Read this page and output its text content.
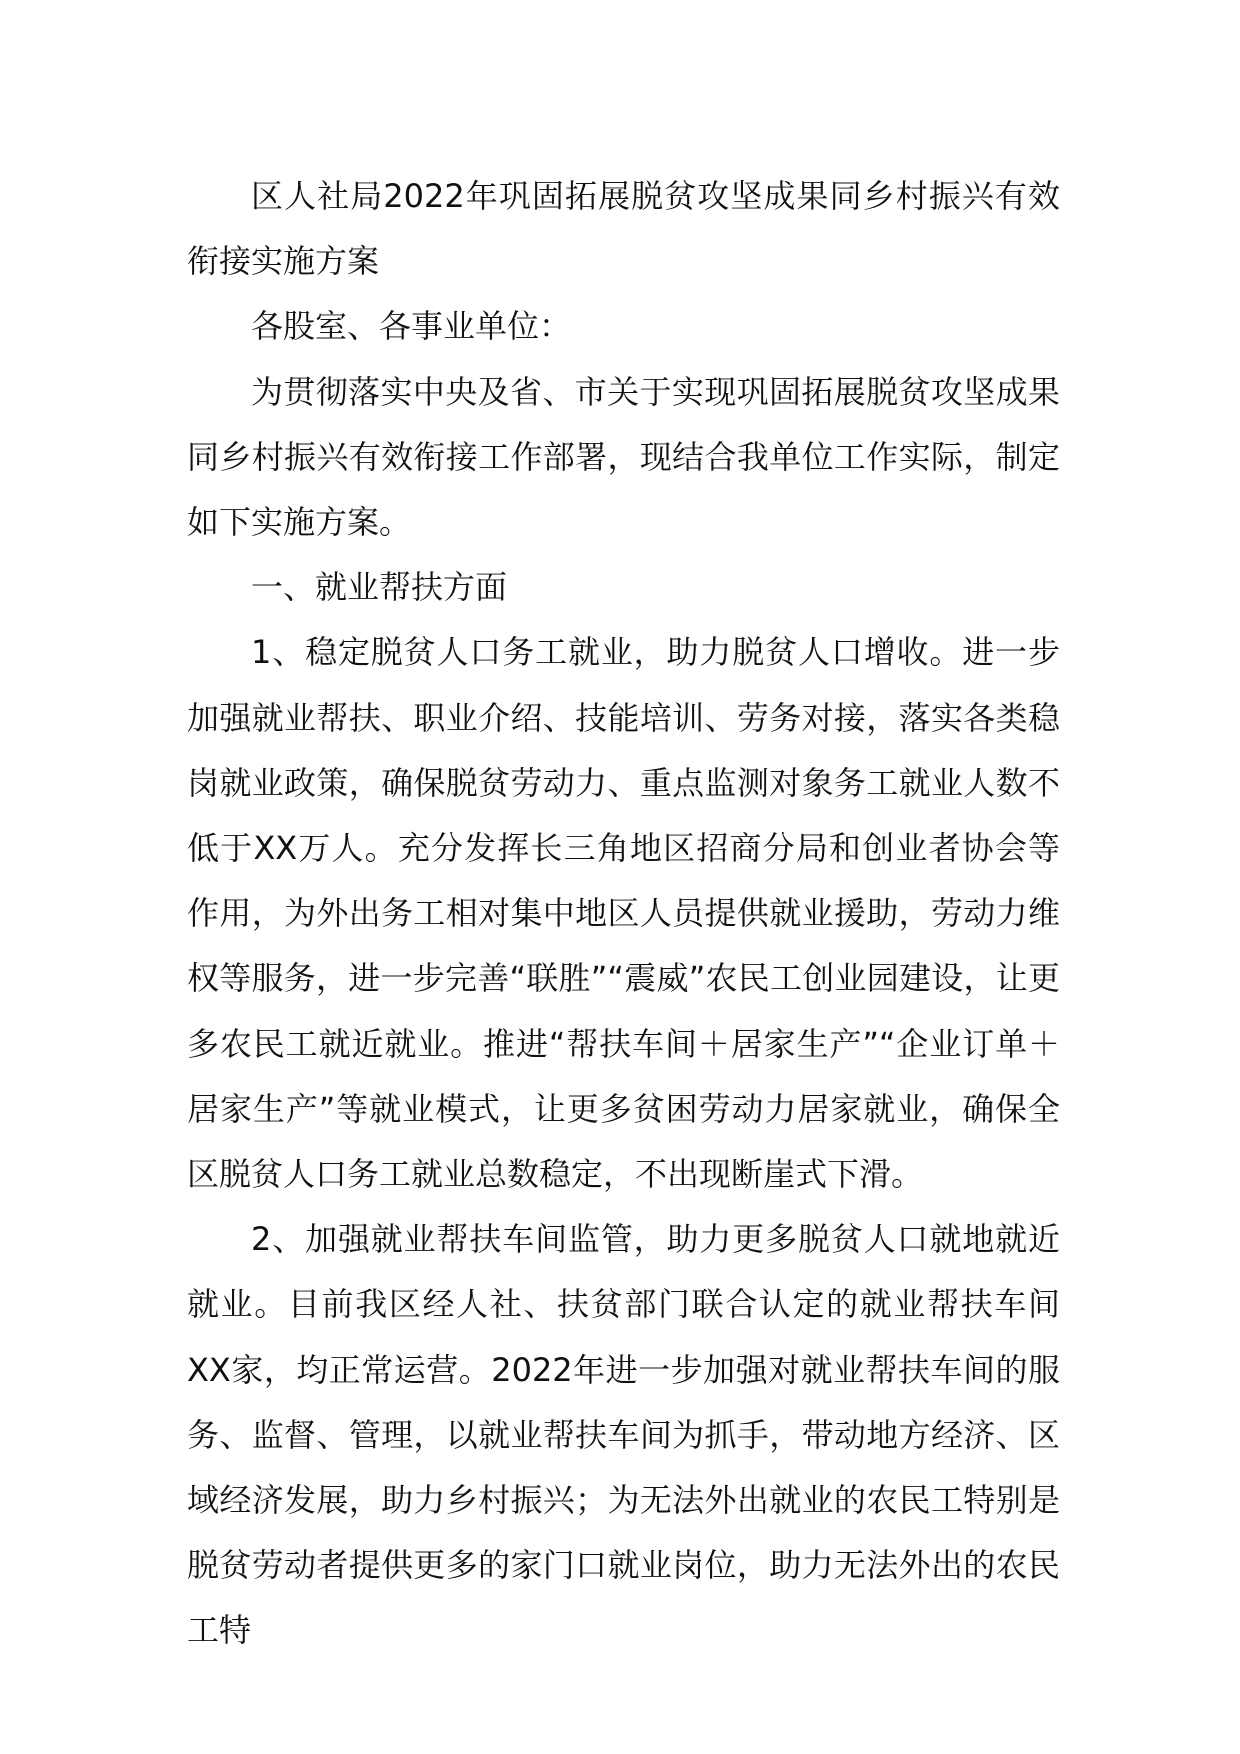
区人社局2022年巩固拓展脱贫攻坚成果同乡村振兴有效衔接实施方案

各股室、各事业单位：

为贯彻落实中央及省、市关于实现巩固拓展脱贫攻坚成果同乡村振兴有效衔接工作部署，现结合我单位工作实际，制定如下实施方案。

一、就业帮扶方面

1、稳定脱贫人口务工就业，助力脱贫人口增收。进一步加强就业帮扶、职业介绍、技能培训、劳务对接，落实各类稳岗就业政策，确保脱贫劳动力、重点监测对象务工就业人数不低于XX万人。充分发挥长三角地区招商分局和创业者协会等作用，为外出务工相对集中地区人员提供就业援助，劳动力维权等服务，进一步完善“联胜”“震威”农民工创业园建设，让更多农民工就近就业。推进“帮扶车间＋居家生产”“企业订单＋居家生产”等就业模式，让更多贫困劳动力居家就业，确保全区脱贫人口务工就业总数稳定，不出现断崖式下滑。

2、加强就业帮扶车间监管，助力更多脱贫人口就地就近就业。目前我区经人社、扶贫部门联合认定的就业帮扶车间XX家，均正常运营。2022年进一步加强对就业帮扶车间的服务、监督、管理，以就业帮扶车间为抓手，带动地方经济、区域经济发展，助力乡村振兴；为无法外出就业的农民工特别是脱贫劳动者提供更多的家门口就业岗位，助力无法外出的农民工特
